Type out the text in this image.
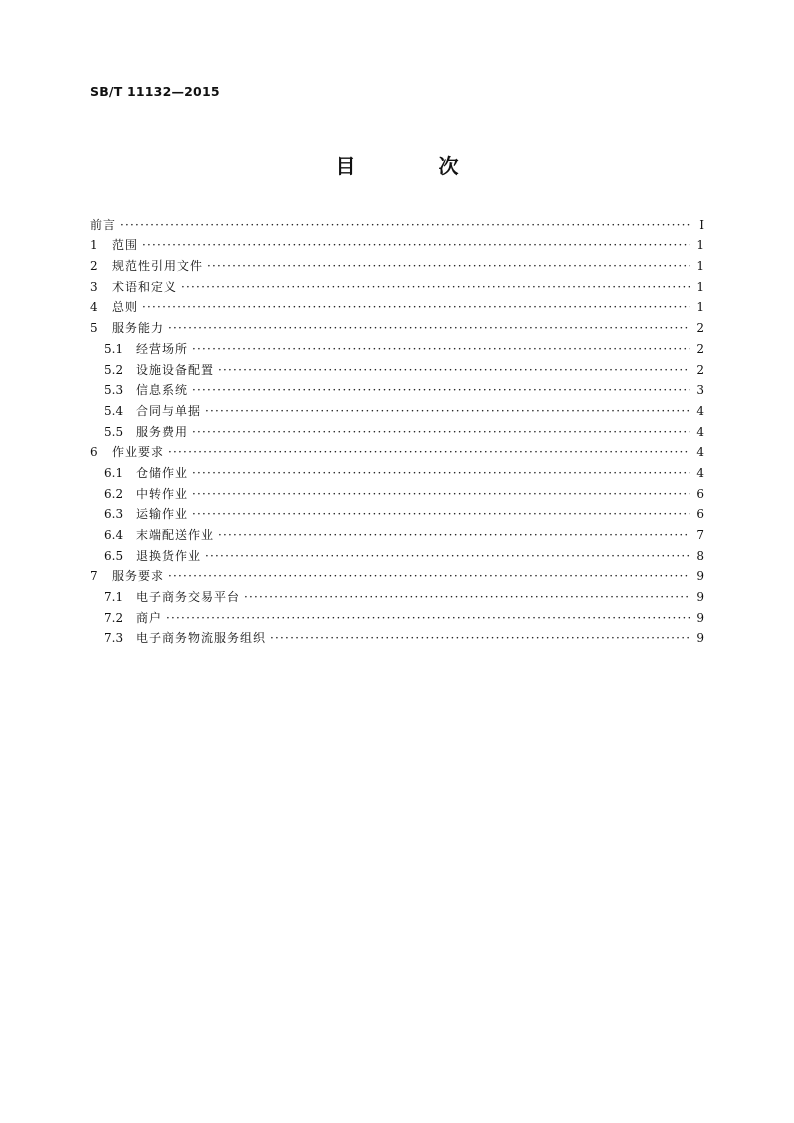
SB/T 11132—2015
目 次
前言 ·····	Ⅰ
1	范围 ·····	1
2	规范性引用文件 ·····	1
3	术语和定义 ·····	1
4	总则 ·····	1
5	服务能力 ·····	2
5.1	经营场所 ·····	2
5.2	设施设备配置 ·····	2
5.3	信息系统 ·····	3
5.4	合同与单据 ·····	4
5.5	服务费用 ·····	4
6	作业要求 ·····	4
6.1	仓储作业 ·····	4
6.2	中转作业 ·····	6
6.3	运输作业 ·····	6
6.4	末端配送作业 ·····	7
6.5	退换货作业 ·····	8
7	服务要求 ·····	9
7.1	电子商务交易平台 ·····	9
7.2	商户 ·····	9
7.3	电子商务物流服务组织 ·····	9
